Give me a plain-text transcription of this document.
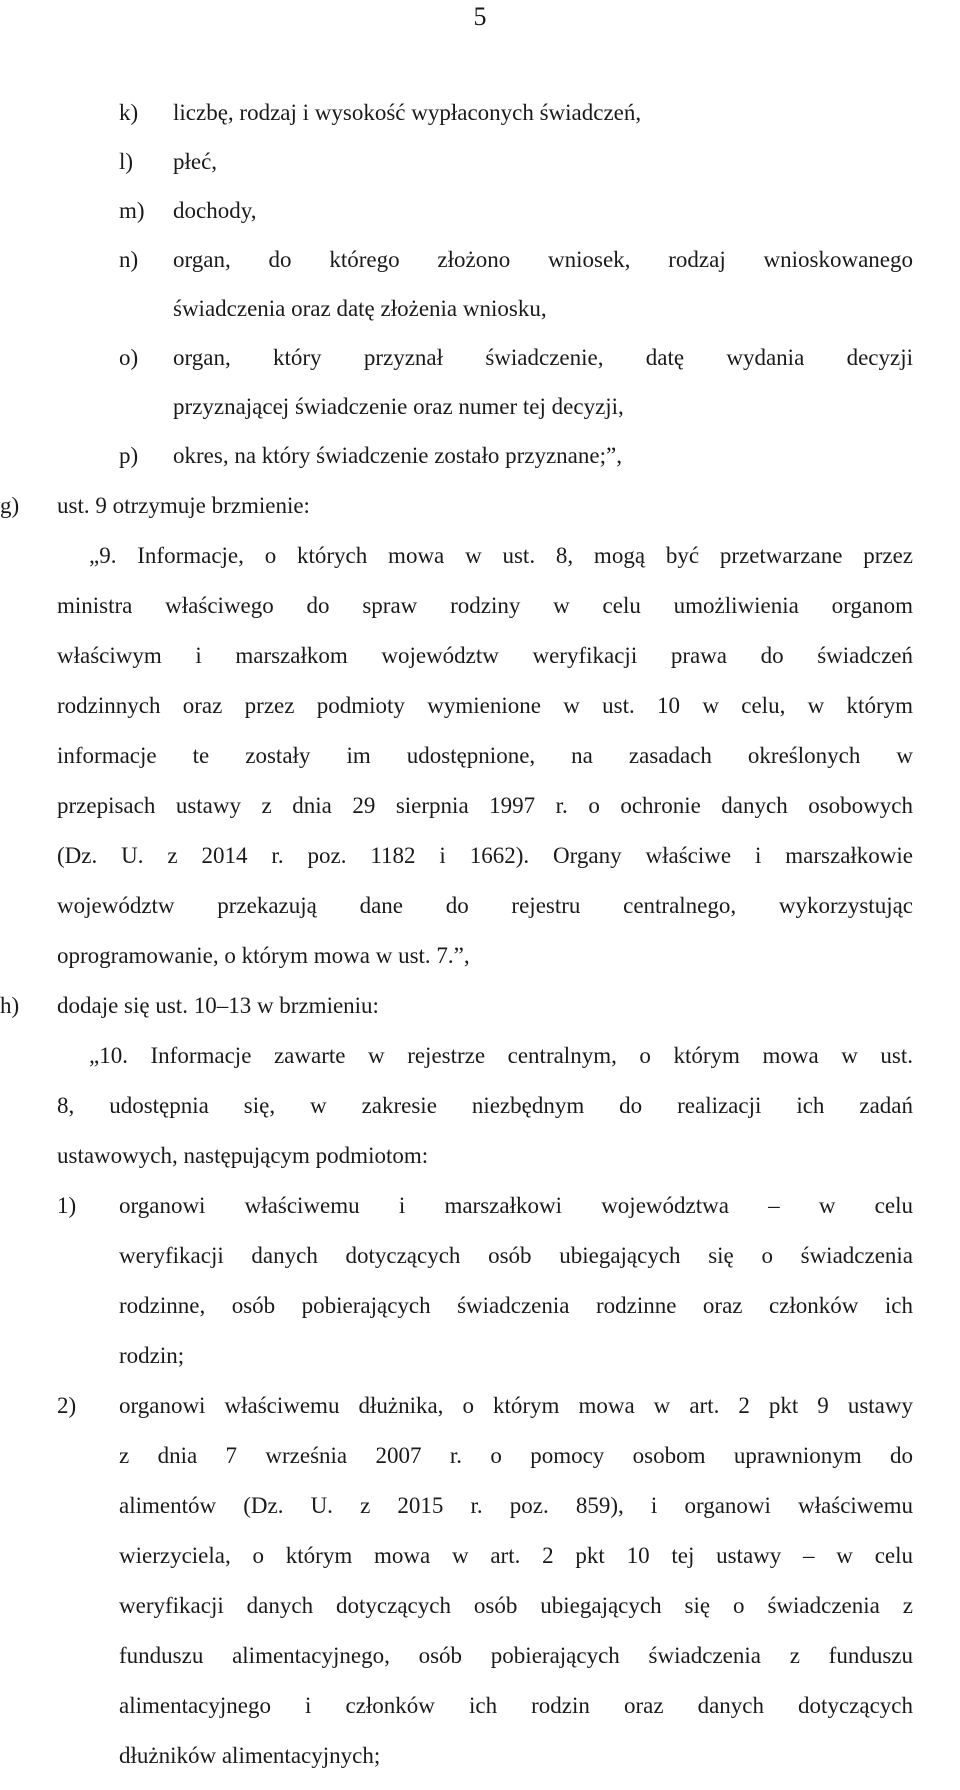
5
k) liczbę, rodzaj i wysokość wypłaconych świadczeń,
l) płeć,
m) dochody,
n) organ, do którego złożono wniosek, rodzaj wnioskowanego
świadczenia oraz datę złożenia wniosku,
o) organ, który przyznał świadczenie, datę wydania decyzji
przyznającej świadczenie oraz numer tej decyzji,
p) okres, na który świadczenie zostało przyznane;”,
g) ust. 9 otrzymuje brzmienie:
„9. Informacje, o których mowa w ust. 8, mogą być przetwarzane przez
ministra właściwego do spraw rodziny w celu umożliwienia organom
właściwym i marszałkom województw weryfikacji prawa do świadczeń
rodzinnych oraz przez podmioty wymienione w ust. 10 w celu, w którym
informacje te zostały im udostępnione, na zasadach określonych w
przepisach ustawy z dnia 29 sierpnia 1997 r. o ochronie danych osobowych
(Dz. U. z 2014 r. poz. 1182 i 1662). Organy właściwe i marszałkowie
województw przekazują dane do rejestru centralnego, wykorzystując
oprogramowanie, o którym mowa w ust. 7.”,
h) dodaje się ust. 10–13 w brzmieniu:
„10. Informacje zawarte w rejestrze centralnym, o którym mowa w ust.
8, udostępnia się, w zakresie niezbędnym do realizacji ich zadań
ustawowych, następującym podmiotom:
1) organowi właściwemu i marszałkowi województwa – w celu
weryfikacji danych dotyczących osób ubiegających się o świadczenia
rodzinne, osób pobierających świadczenia rodzinne oraz członków ich
rodzin;
2) organowi właściwemu dłużnika, o którym mowa w art. 2 pkt 9 ustawy
z dnia 7 września 2007 r. o pomocy osobom uprawnionym do
alimentów (Dz. U. z 2015 r. poz. 859), i organowi właściwemu
wierzyciela, o którym mowa w art. 2 pkt 10 tej ustawy – w celu
weryfikacji danych dotyczących osób ubiegających się o świadczenia z
funduszu alimentacyjnego, osób pobierających świadczenia z funduszu
alimentacyjnego i członków ich rodzin oraz danych dotyczących
dłużników alimentacyjnych;
